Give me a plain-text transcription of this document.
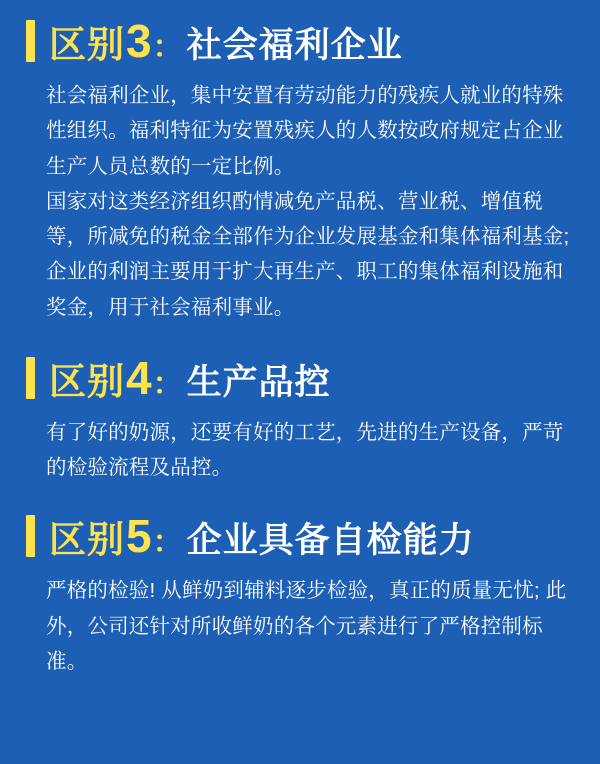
区别 3 ： 社会福利企业

社会福利企业，集中安置有劳动能力的残疾人就业的特殊性组织。福利特征为安置残疾人的人数按政府规定占企业生产人员总数的一定比例。

国家对这类经济组织酌情减免产品税、营业税、增值税等，所减免的税金全部作为企业发展基金和集体福利基金;企业的利润主要用于扩大再生产、职工的集体福利设施和奖金，用于社会福利事业。

区别 4 ： 生产品控

有了好的奶源，还要有好的工艺，先进的生产设备，严苛的检验流程及品控。

区别 5 ： 企业具备自检能力

严格的检验! 从鲜奶到辅料逐步检验，真正的质量无忧; 此外，公司还针对所收鲜奶的各个元素进行了严格控制标准。
